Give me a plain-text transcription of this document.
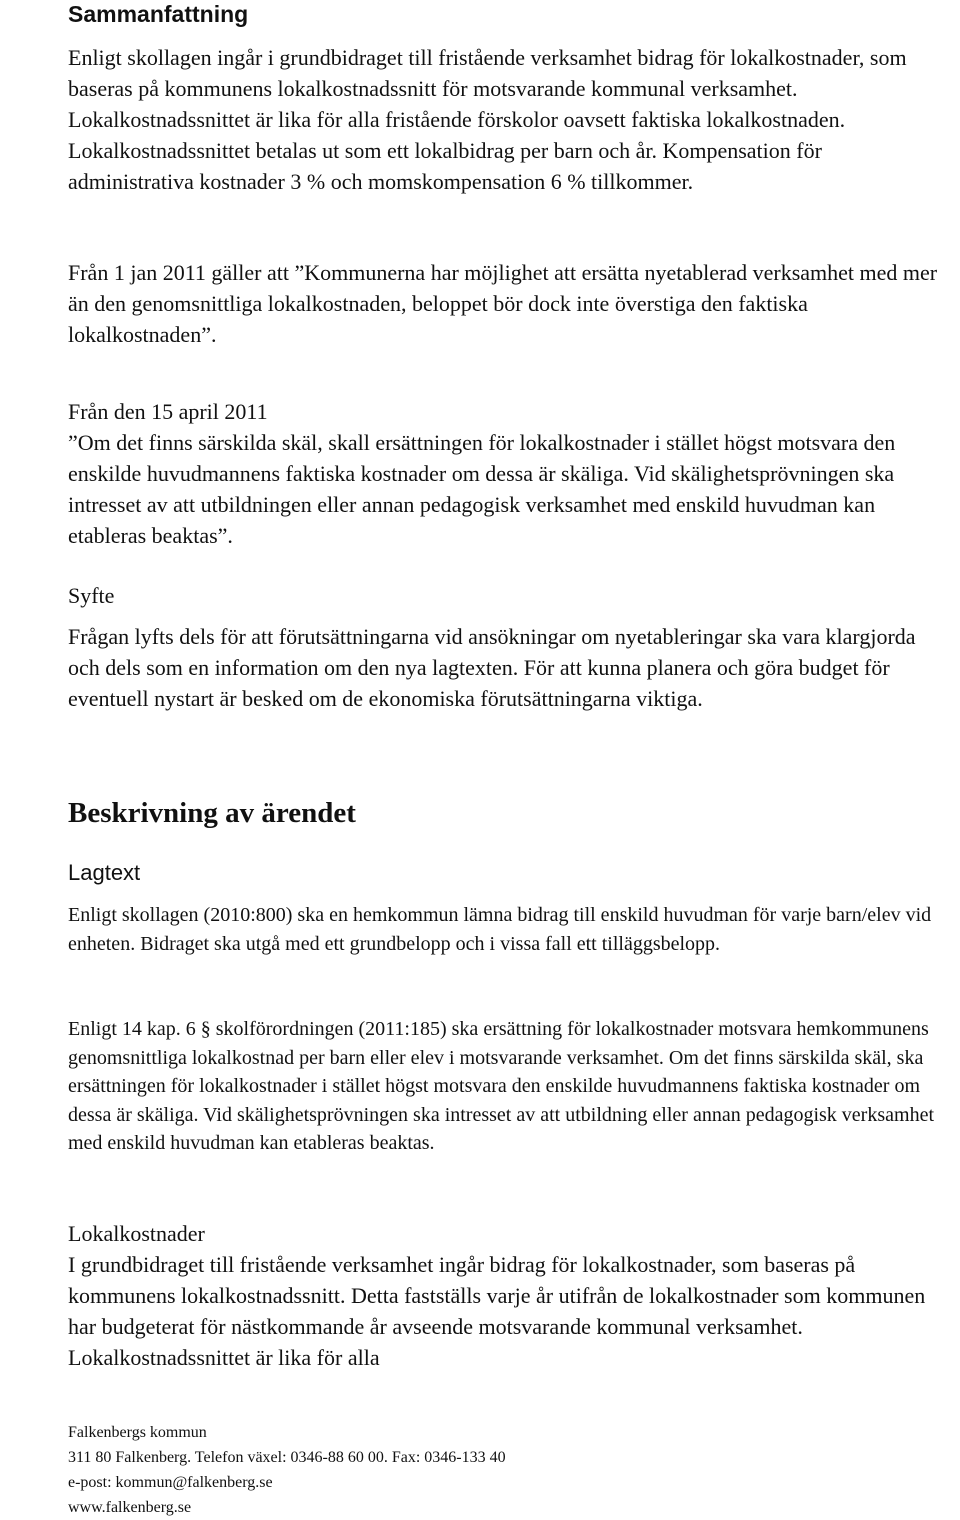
Sammanfattning

Enligt skollagen ingår i grundbidraget till fristående verksamhet bidrag för lokalkostnader, som baseras på kommunens lokalkostnadssnitt för motsvarande kommunal verksamhet. Lokalkostnadssnittet är lika för alla fristående förskolor oavsett faktiska lokalkostnaden. Lokalkostnadssnittet betalas ut som ett lokalbidrag per barn och år. Kompensation för administrativa kostnader 3 % och momskompensation 6 % tillkommer.

Från 1 jan 2011 gäller att ”Kommunerna har möjlighet att ersätta nyetablerad verksamhet med mer än den genomsnittliga lokalkostnaden, beloppet bör dock inte överstiga den faktiska lokalkostnaden”.

Från den 15 april 2011
”Om det finns särskilda skäl, skall ersättningen för lokalkostnader i stället högst motsvara den enskilde huvudmannens faktiska kostnader om dessa är skäliga. Vid skälighetsprövningen ska intresset av att utbildningen eller annan pedagogisk verksamhet med enskild huvudman kan etableras beaktas”.
Syfte

Frågan lyfts dels för att förutsättningarna vid ansökningar om nyetableringar ska vara klargjorda och dels som en information om den nya lagtexten. För att kunna planera och göra budget för eventuell nystart är besked om de ekonomiska förutsättningarna viktiga.

Beskrivning av ärendet
Lagtext

Enligt skollagen (2010:800) ska en hemkommun lämna bidrag till enskild huvudman för varje barn/elev vid enheten. Bidraget ska utgå med ett grundbelopp och i vissa fall ett tilläggsbelopp.

Enligt 14 kap. 6 § skolförordningen (2011:185) ska ersättning för lokalkostnader motsvara hemkommunens genomsnittliga lokalkostnad per barn eller elev i motsvarande verksamhet. Om det finns särskilda skäl, ska ersättningen för lokalkostnader i stället högst motsvara den enskilde huvudmannens faktiska kostnader om dessa är skäliga. Vid skälighetsprövningen ska intresset av att utbildning eller annan pedagogisk verksamhet med enskild huvudman kan etableras beaktas.

Lokalkostnader

I grundbidraget till fristående verksamhet ingår bidrag för lokalkostnader, som baseras på kommunens lokalkostnadssnitt. Detta fastställs varje år utifrån de lokalkostnader som kommunen har budgeterat för nästkommande år avseende motsvarande kommunal verksamhet. Lokalkostnadssnittet är lika för alla

Falkenbergs kommun
311 80 Falkenberg. Telefon växel: 0346-88 60 00. Fax: 0346-133 40
e-post: kommun@falkenberg.se
www.falkenberg.se
